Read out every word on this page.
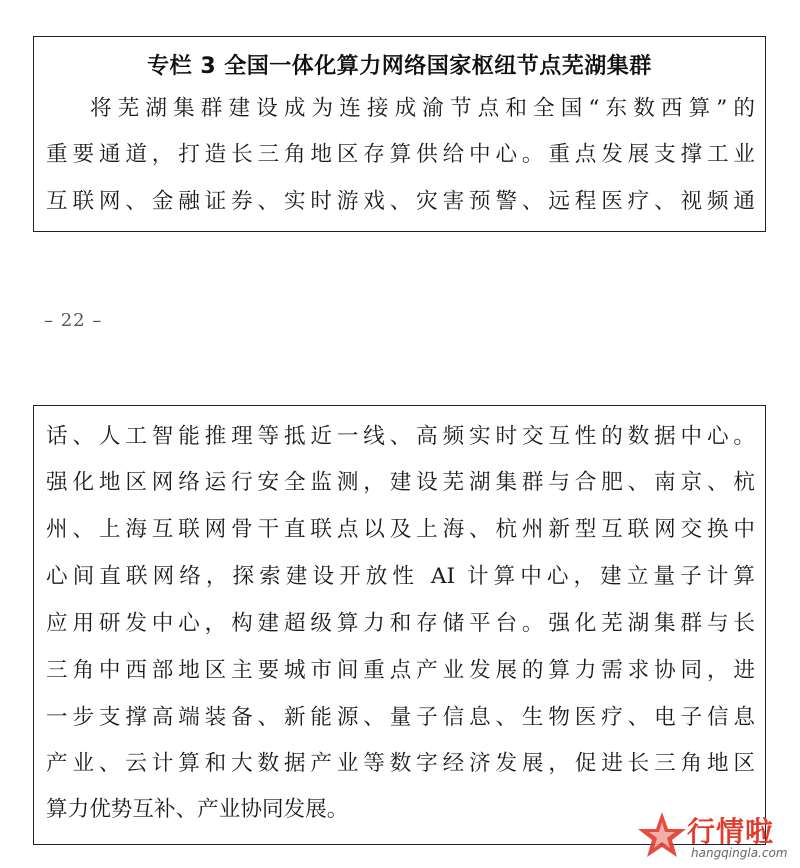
专栏 3 全国一体化算力网络国家枢纽节点芜湖集群
将芜湖集群建设成为连接成渝节点和全国“东数西算”的
重要通道，打造长三角地区存算供给中心。重点发展支撑工业
互联网、金融证券、实时游戏、灾害预警、远程医疗、视频通
– 22 –
话、人工智能推理等抵近一线、高频实时交互性的数据中心。
强化地区网络运行安全监测，建设芜湖集群与合肥、南京、杭
州、上海互联网骨干直联点以及上海、杭州新型互联网交换中
心间直联网络，探索建设开放性 AI 计算中心，建立量子计算
应用研发中心，构建超级算力和存储平台。强化芜湖集群与长
三角中西部地区主要城市间重点产业发展的算力需求协同，进
一步支撑高端装备、新能源、量子信息、生物医疗、电子信息
产业、云计算和大数据产业等数字经济发展，促进长三角地区
算力优势互补、产业协同发展。
行情啦
hangqingla.com
